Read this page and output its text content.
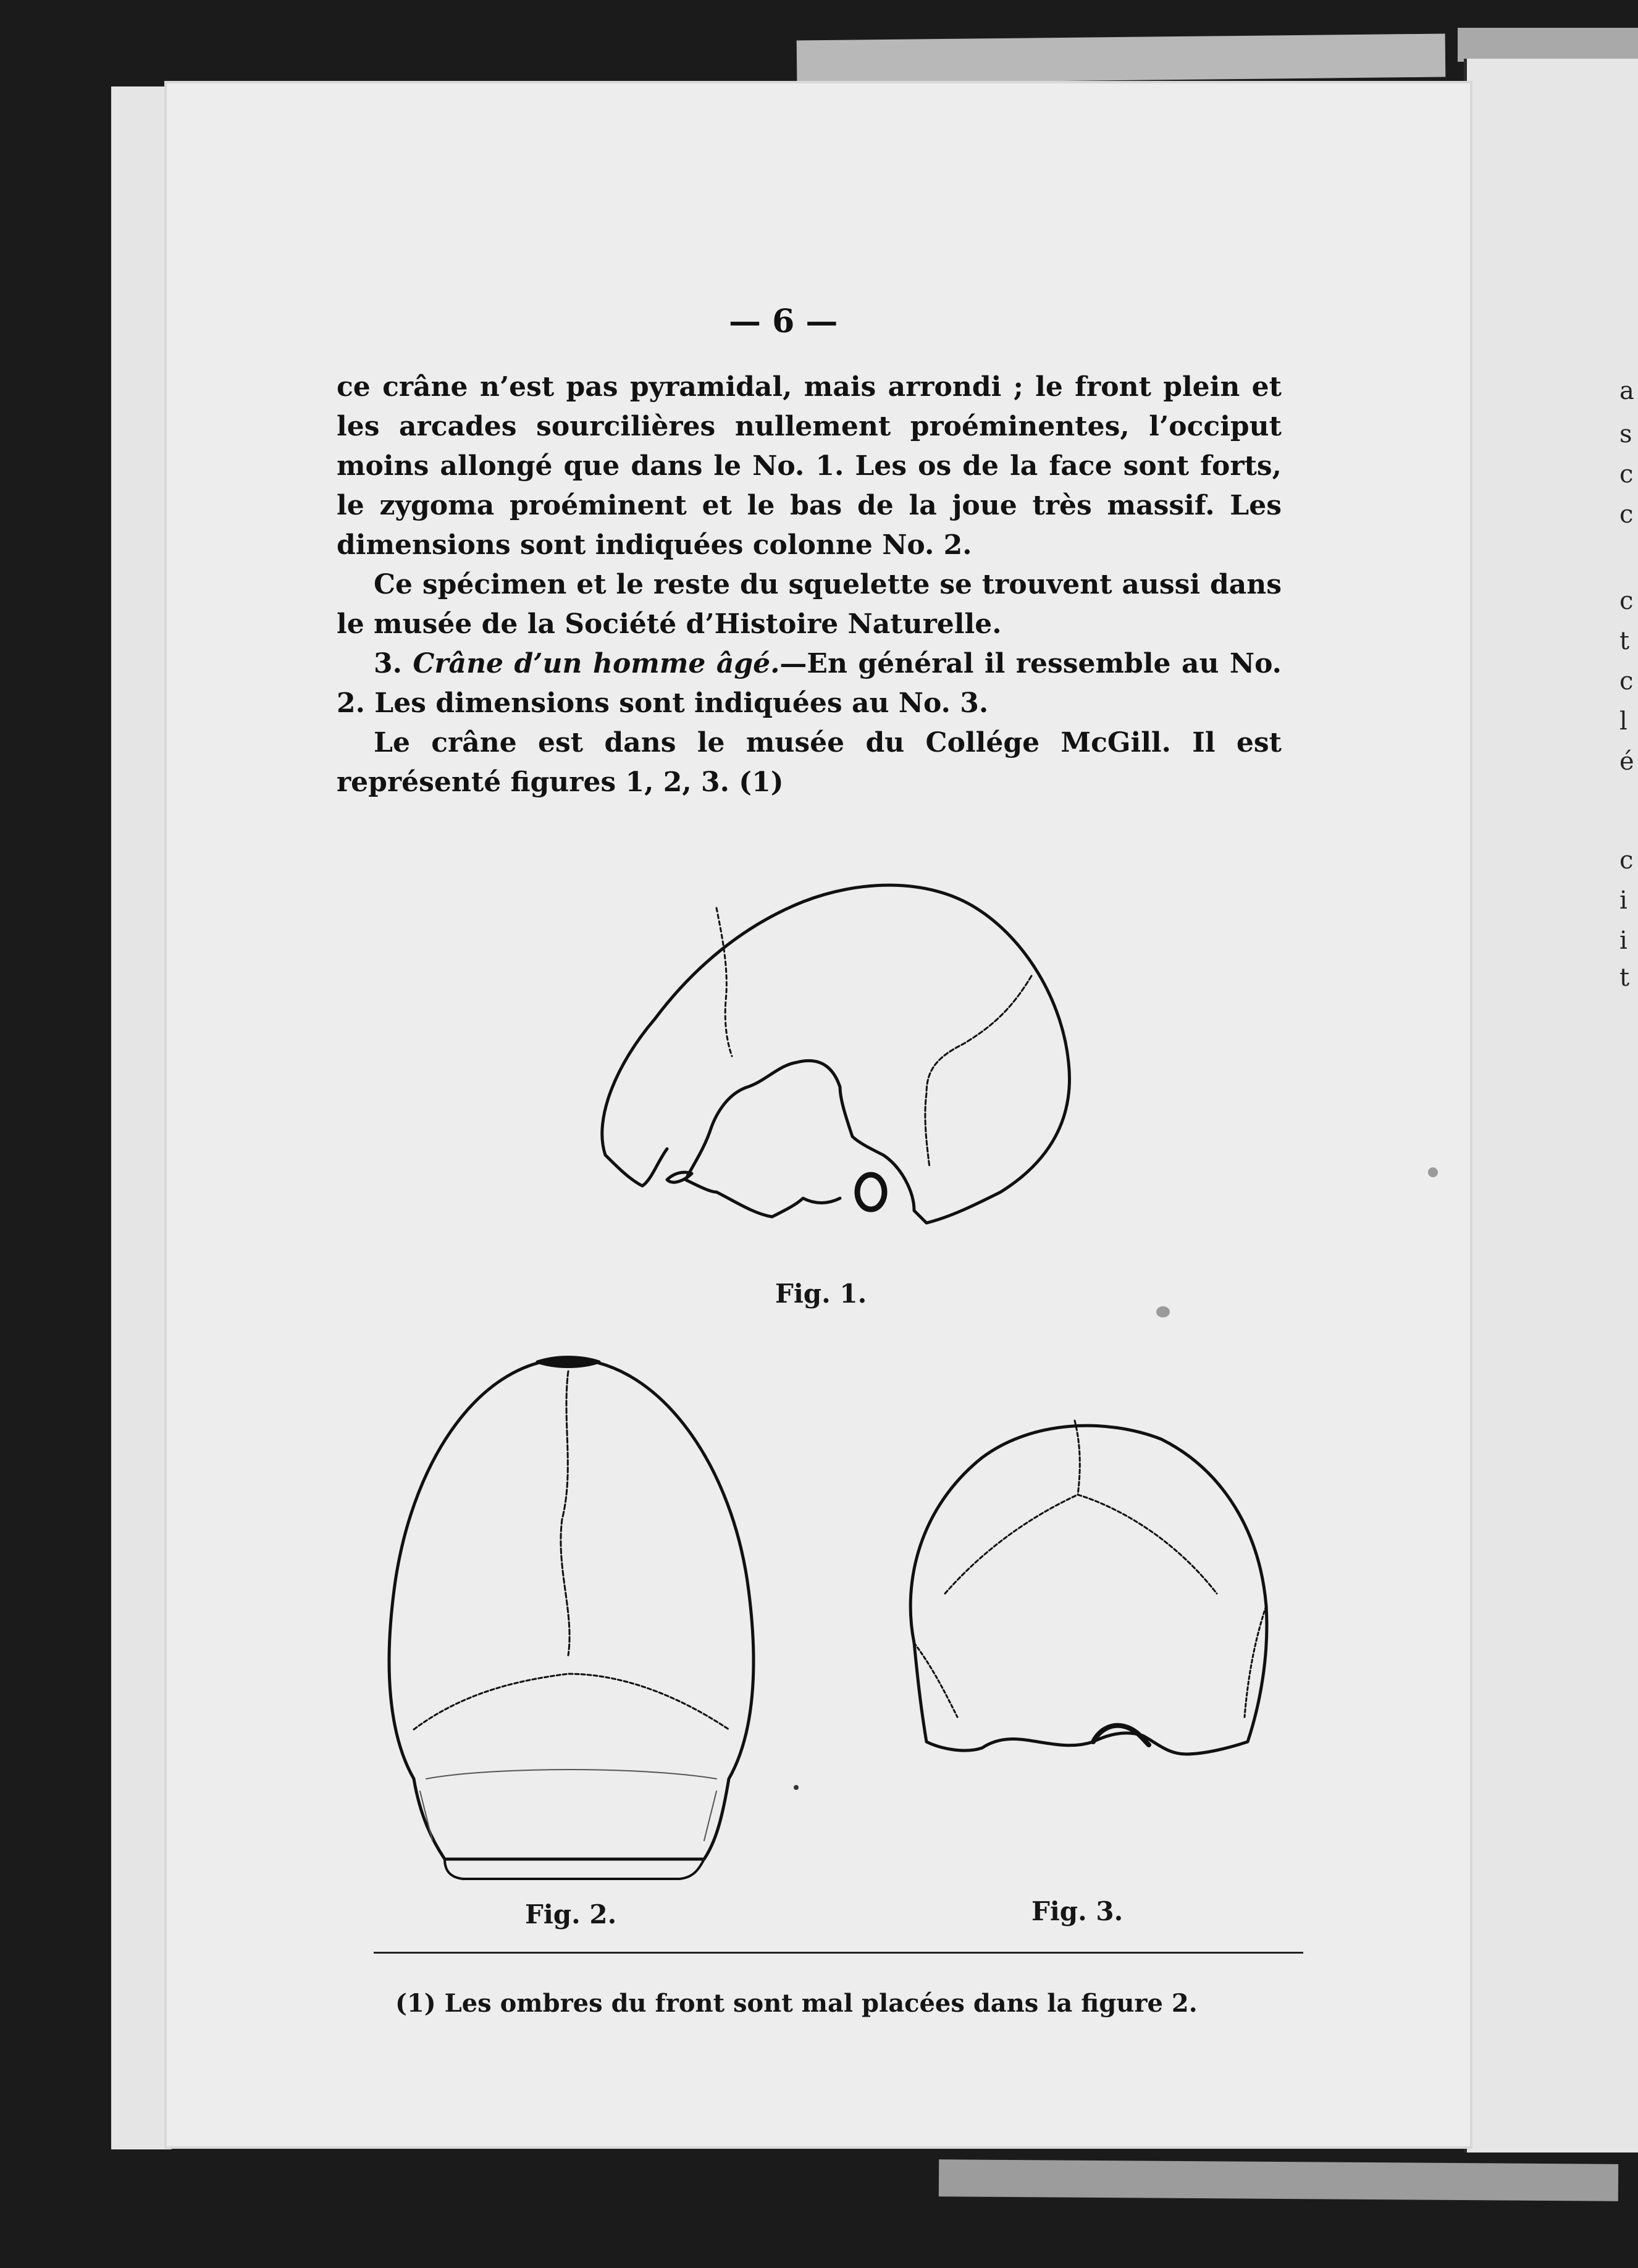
a
s
c
c
c
t
c
l
é
c
i
i
t
— 6 —

ce crâne n’est pas pyramidal, mais arrondi ; le front plein et les arcades sourcilières nullement proéminentes, l’occiput moins allongé que dans le No. 1. Les os de la face sont forts, le zygoma proéminent et le bas de la joue très massif. Les dimensions sont indiquées colonne No. 2.

Ce spécimen et le reste du squelette se trouvent aussi dans le musée de la Société d’Histoire Naturelle.

3. Crâne d’un homme âgé.—En général il ressemble au No. 2. Les dimensions sont indiquées au No. 3.

Le crâne est dans le musée du Collége McGill. Il est représenté figures 1, 2, 3. (1)

Fig. 1.
Fig. 2.	Fig. 3.
(1) Les ombres du front sont mal placées dans la figure 2.
